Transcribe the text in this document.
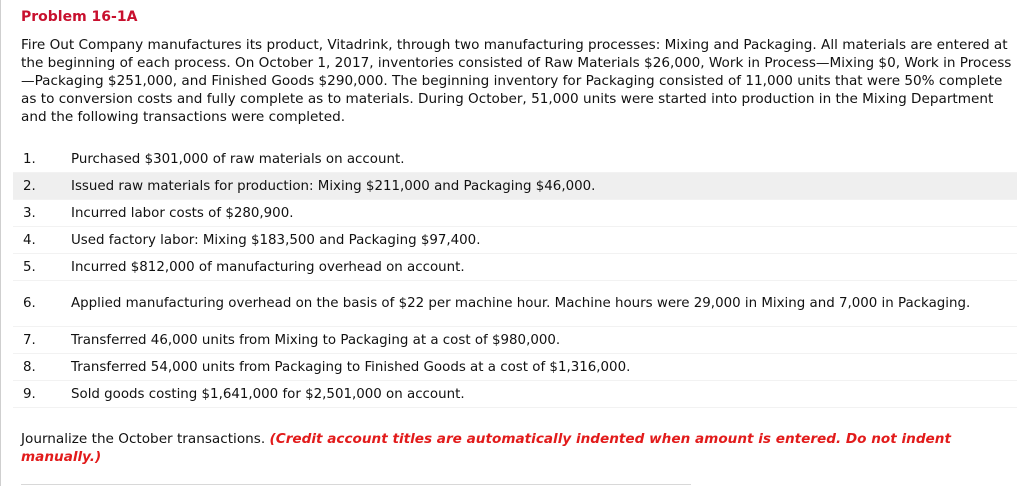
Problem 16-1A

Fire Out Company manufactures its product, Vitadrink, through two manufacturing processes: Mixing and Packaging. All materials are entered at the beginning of each process. On October 1, 2017, inventories consisted of Raw Materials $26,000, Work in Process—Mixing $0, Work in Process—Packaging $251,000, and Finished Goods $290,000. The beginning inventory for Packaging consisted of 11,000 units that were 50% complete as to conversion costs and fully complete as to materials. During October, 51,000 units were started into production in the Mixing Department and the following transactions were completed.

1.	Purchased $301,000 of raw materials on account.
2.	Issued raw materials for production: Mixing $211,000 and Packaging $46,000.
3.	Incurred labor costs of $280,900.
4.	Used factory labor: Mixing $183,500 and Packaging $97,400.
5.	Incurred $812,000 of manufacturing overhead on account.
6.	Applied manufacturing overhead on the basis of $22 per machine hour. Machine hours were 29,000 in Mixing and 7,000 in Packaging.
7.	Transferred 46,000 units from Mixing to Packaging at a cost of $980,000.
8.	Transferred 54,000 units from Packaging to Finished Goods at a cost of $1,316,000.
9.	Sold goods costing $1,641,000 for $2,501,000 on account.

Journalize the October transactions. (Credit account titles are automatically indented when amount is entered. Do not indent manually.)
